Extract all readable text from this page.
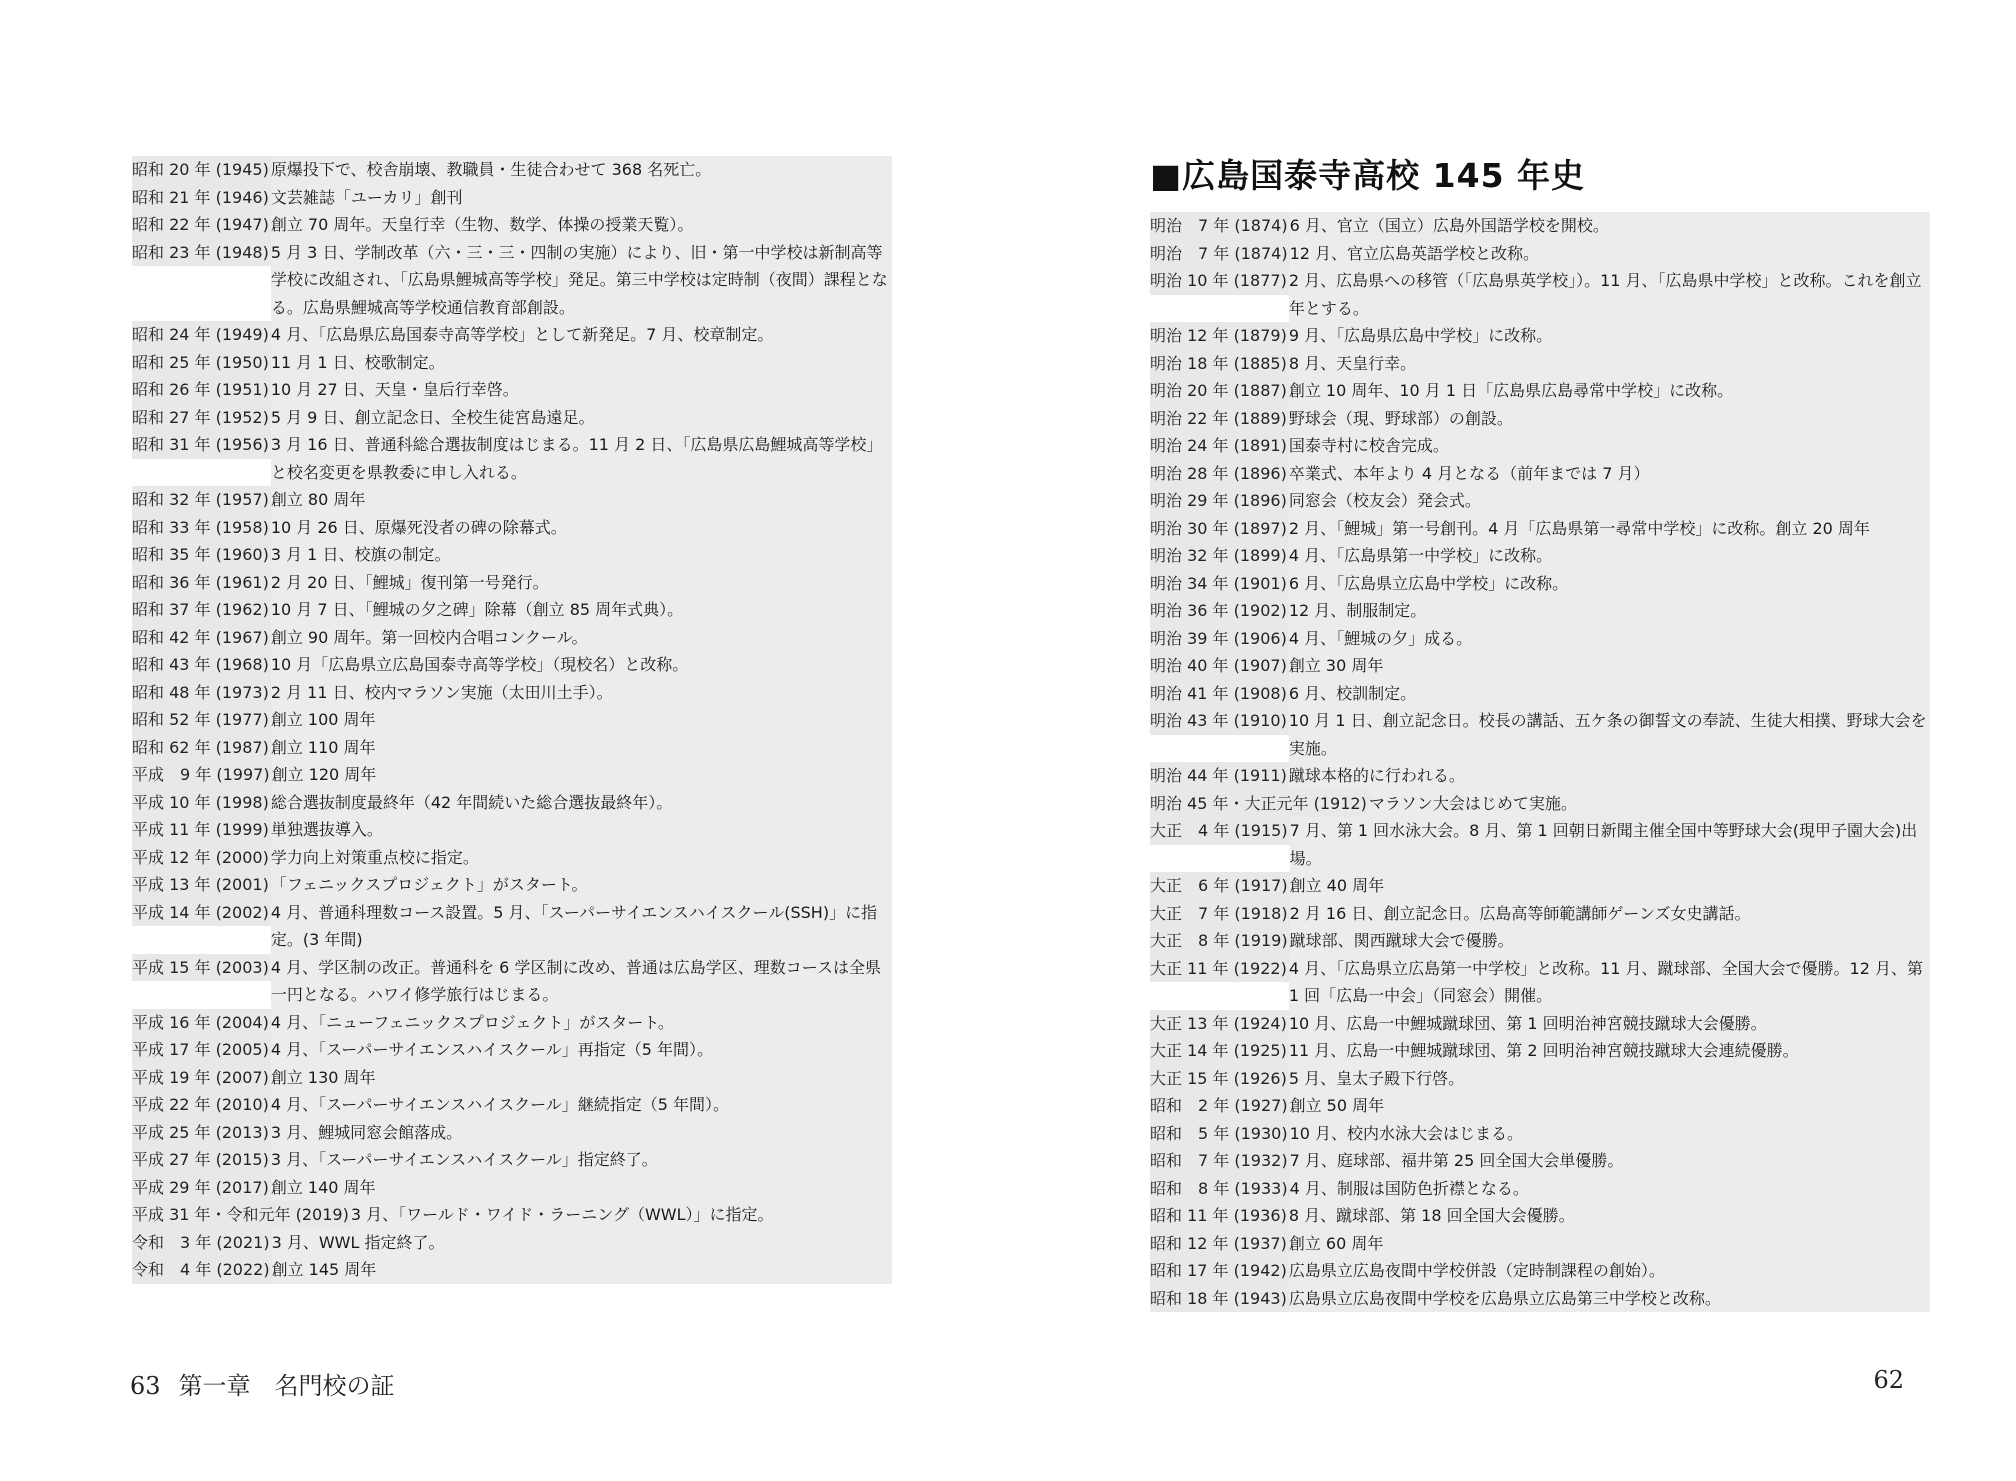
昭和 20 年 (1945) 原爆投下で、校舎崩壊、教職員・生徒合わせて 368 名死亡。
昭和 21 年 (1946) 文芸雑誌「ユーカリ」創刊
昭和 22 年 (1947) 創立 70 周年。天皇行幸（生物、数学、体操の授業天覧）。
昭和 23 年 (1948) 5 月 3 日、学制改革（六・三・三・四制の実施）により、旧・第一中学校は新制高等学校に改組され、「広島県鯉城高等学校」発足。第三中学校は定時制（夜間）課程となる。広島県鯉城高等学校通信教育部創設。
昭和 24 年 (1949) 4 月、「広島県広島国泰寺高等学校」として新発足。7 月、校章制定。
昭和 25 年 (1950) 11 月 1 日、校歌制定。
昭和 26 年 (1951) 10 月 27 日、天皇・皇后行幸啓。
昭和 27 年 (1952) 5 月 9 日、創立記念日、全校生徒宮島遠足。
昭和 31 年 (1956) 3 月 16 日、普通科総合選抜制度はじまる。11 月 2 日、「広島県広島鯉城高等学校」と校名変更を県教委に申し入れる。
昭和 32 年 (1957) 創立 80 周年
昭和 33 年 (1958) 10 月 26 日、原爆死没者の碑の除幕式。
昭和 35 年 (1960) 3 月 1 日、校旗の制定。
昭和 36 年 (1961) 2 月 20 日、「鯉城」復刊第一号発行。
昭和 37 年 (1962) 10 月 7 日、「鯉城の夕之碑」除幕（創立 85 周年式典）。
昭和 42 年 (1967) 創立 90 周年。第一回校内合唱コンクール。
昭和 43 年 (1968) 10 月「広島県立広島国泰寺高等学校」（現校名）と改称。
昭和 48 年 (1973) 2 月 11 日、校内マラソン実施（太田川土手）。
昭和 52 年 (1977) 創立 100 周年
昭和 62 年 (1987) 創立 110 周年
平成　9 年 (1997) 創立 120 周年
平成 10 年 (1998) 総合選抜制度最終年（42 年間続いた総合選抜最終年）。
平成 11 年 (1999) 単独選抜導入。
平成 12 年 (2000) 学力向上対策重点校に指定。
平成 13 年 (2001) 「フェニックスプロジェクト」がスタート。
平成 14 年 (2002) 4 月、普通科理数コース設置。5 月、「スーパーサイエンスハイスクール(SSH)」に指定。(3 年間)
平成 15 年 (2003) 4 月、学区制の改正。普通科を 6 学区制に改め、普通は広島学区、理数コースは全県一円となる。ハワイ修学旅行はじまる。
平成 16 年 (2004) 4 月、「ニューフェニックスプロジェクト」がスタート。
平成 17 年 (2005) 4 月、「スーパーサイエンスハイスクール」再指定（5 年間）。
平成 19 年 (2007) 創立 130 周年
平成 22 年 (2010) 4 月、「スーパーサイエンスハイスクール」継続指定（5 年間）。
平成 25 年 (2013) 3 月、鯉城同窓会館落成。
平成 27 年 (2015) 3 月、「スーパーサイエンスハイスクール」指定終了。
平成 29 年 (2017) 創立 140 周年
平成 31 年・令和元年 (2019) 3 月、「ワールド・ワイド・ラーニング（WWL）」に指定。
令和　3 年 (2021) 3 月、WWL 指定終了。
令和　4 年 (2022) 創立 145 周年
63 第一章　名門校の証
■広島国泰寺高校 145 年史
明治　7 年 (1874) 6 月、官立（国立）広島外国語学校を開校。
明治　7 年 (1874) 12 月、官立広島英語学校と改称。
明治 10 年 (1877) 2 月、広島県への移管（「広島県英学校」）。11 月、「広島県中学校」と改称。これを創立年とする。
明治 12 年 (1879) 9 月、「広島県広島中学校」に改称。
明治 18 年 (1885) 8 月、天皇行幸。
明治 20 年 (1887) 創立 10 周年、10 月 1 日「広島県広島尋常中学校」に改称。
明治 22 年 (1889) 野球会（現、野球部）の創設。
明治 24 年 (1891) 国泰寺村に校舎完成。
明治 28 年 (1896) 卒業式、本年より 4 月となる（前年までは 7 月）
明治 29 年 (1896) 同窓会（校友会）発会式。
明治 30 年 (1897) 2 月、「鯉城」第一号創刊。4 月「広島県第一尋常中学校」に改称。創立 20 周年
明治 32 年 (1899) 4 月、「広島県第一中学校」に改称。
明治 34 年 (1901) 6 月、「広島県立広島中学校」に改称。
明治 36 年 (1902) 12 月、制服制定。
明治 39 年 (1906) 4 月、「鯉城の夕」成る。
明治 40 年 (1907) 創立 30 周年
明治 41 年 (1908) 6 月、校訓制定。
明治 43 年 (1910) 10 月 1 日、創立記念日。校長の講話、五ケ条の御誓文の奉読、生徒大相撲、野球大会を実施。
明治 44 年 (1911) 蹴球本格的に行われる。
明治 45 年・大正元年 (1912) マラソン大会はじめて実施。
大正　4 年 (1915) 7 月、第 1 回水泳大会。8 月、第 1 回朝日新聞主催全国中等野球大会(現甲子園大会)出場。
大正　6 年 (1917) 創立 40 周年
大正　7 年 (1918) 2 月 16 日、創立記念日。広島高等師範講師ゲーンズ女史講話。
大正　8 年 (1919) 蹴球部、関西蹴球大会で優勝。
大正 11 年 (1922) 4 月、「広島県立広島第一中学校」と改称。11 月、蹴球部、全国大会で優勝。12 月、第 1 回「広島一中会」（同窓会）開催。
大正 13 年 (1924) 10 月、広島一中鯉城蹴球団、第 1 回明治神宮競技蹴球大会優勝。
大正 14 年 (1925) 11 月、広島一中鯉城蹴球団、第 2 回明治神宮競技蹴球大会連続優勝。
大正 15 年 (1926) 5 月、皇太子殿下行啓。
昭和　2 年 (1927) 創立 50 周年
昭和　5 年 (1930) 10 月、校内水泳大会はじまる。
昭和　7 年 (1932) 7 月、庭球部、福井第 25 回全国大会単優勝。
昭和　8 年 (1933) 4 月、制服は国防色折襟となる。
昭和 11 年 (1936) 8 月、蹴球部、第 18 回全国大会優勝。
昭和 12 年 (1937) 創立 60 周年
昭和 17 年 (1942) 広島県立広島夜間中学校併設（定時制課程の創始）。
昭和 18 年 (1943) 広島県立広島夜間中学校を広島県立広島第三中学校と改称。
62
